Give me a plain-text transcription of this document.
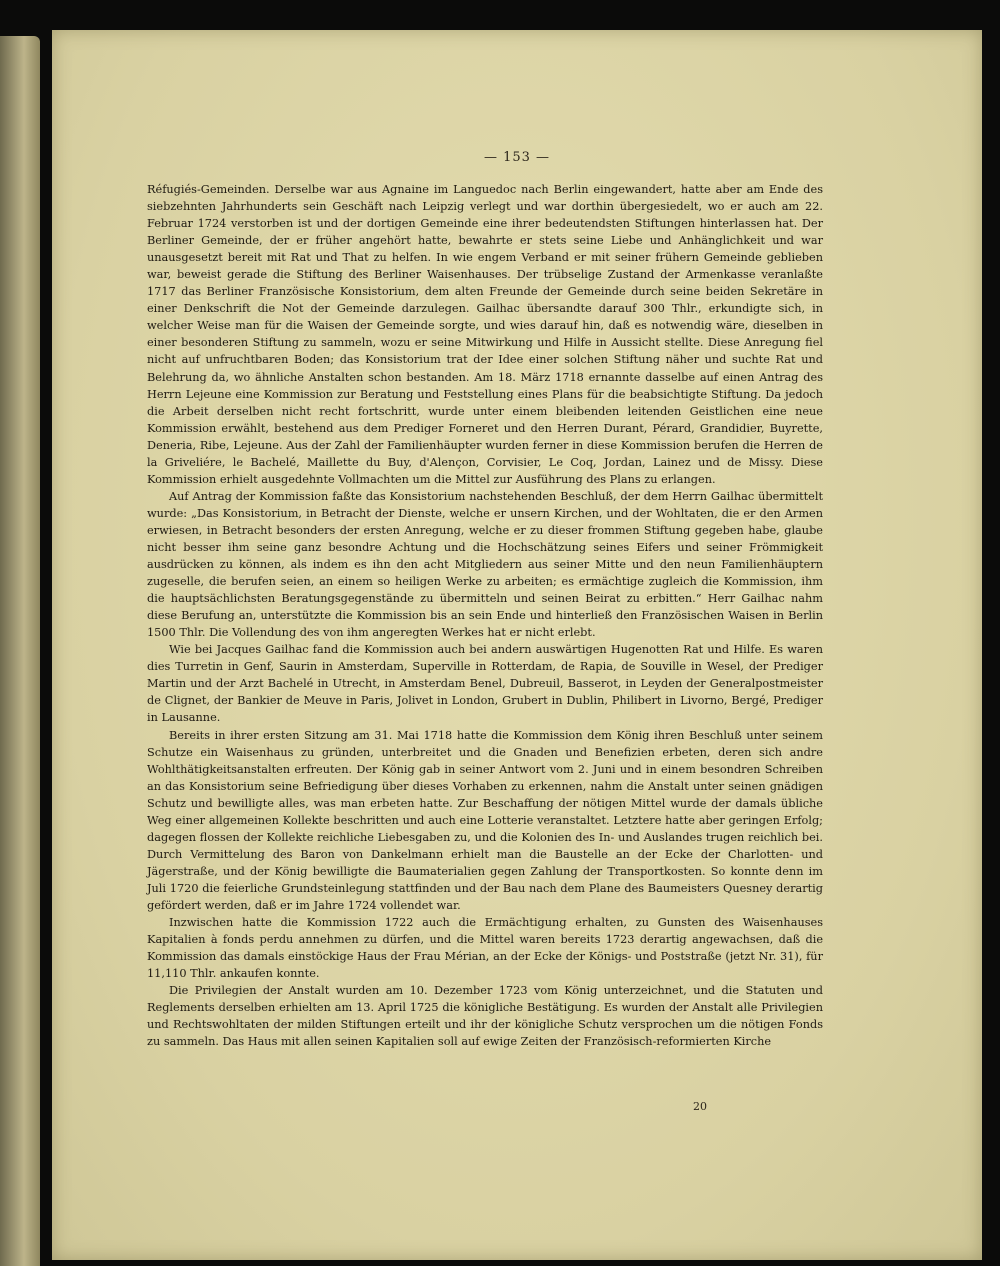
— 153 —

Réfugiés-Gemeinden. Derselbe war aus Agnaine im Languedoc nach Berlin eingewandert, hatte aber am Ende des siebzehnten Jahrhunderts sein Geschäft nach Leipzig verlegt und war dorthin übergesiedelt, wo er auch am 22. Februar 1724 verstorben ist und der dortigen Gemeinde eine ihrer bedeutendsten Stiftungen hinterlassen hat. Der Berliner Gemeinde, der er früher angehört hatte, bewahrte er stets seine Liebe und Anhänglichkeit und war unausgesetzt bereit mit Rat und That zu helfen. In wie engem Verband er mit seiner frühern Gemeinde geblieben war, beweist gerade die Stiftung des Berliner Waisenhauses. Der trübselige Zustand der Armenkasse veranlaßte 1717 das Berliner Französische Konsistorium, dem alten Freunde der Gemeinde durch seine beiden Sekretäre in einer Denkschrift die Not der Gemeinde darzulegen. Gailhac übersandte darauf 300 Thlr., erkundigte sich, in welcher Weise man für die Waisen der Gemeinde sorgte, und wies darauf hin, daß es notwendig wäre, dieselben in einer besonderen Stiftung zu sammeln, wozu er seine Mitwirkung und Hilfe in Aussicht stellte. Diese Anregung fiel nicht auf unfruchtbaren Boden; das Konsistorium trat der Idee einer solchen Stiftung näher und suchte Rat und Belehrung da, wo ähnliche Anstalten schon bestanden. Am 18. März 1718 ernannte dasselbe auf einen Antrag des Herrn Lejeune eine Kommission zur Beratung und Feststellung eines Plans für die beabsichtigte Stiftung. Da jedoch die Arbeit derselben nicht recht fortschritt, wurde unter einem bleibenden leitenden Geistlichen eine neue Kommission erwählt, bestehend aus dem Prediger Forneret und den Herren Durant, Pérard, Grandidier, Buyrette, Deneria, Ribe, Lejeune. Aus der Zahl der Familienhäupter wurden ferner in diese Kommission berufen die Herren de la Griveliére, le Bachelé, Maillette du Buy, d'Alençon, Corvisier, Le Coq, Jordan, Lainez und de Missy. Diese Kommission erhielt ausgedehnte Vollmachten um die Mittel zur Ausführung des Plans zu erlangen.

Auf Antrag der Kommission faßte das Konsistorium nachstehenden Beschluß, der dem Herrn Gailhac übermittelt wurde: „Das Konsistorium, in Betracht der Dienste, welche er unsern Kirchen, und der Wohltaten, die er den Armen erwiesen, in Betracht besonders der ersten Anregung, welche er zu dieser frommen Stiftung gegeben habe, glaube nicht besser ihm seine ganz besondre Achtung und die Hochschätzung seines Eifers und seiner Frömmigkeit ausdrücken zu können, als indem es ihn den acht Mitgliedern aus seiner Mitte und den neun Familienhäuptern zugeselle, die berufen seien, an einem so heiligen Werke zu arbeiten; es ermächtige zugleich die Kommission, ihm die hauptsächlichsten Beratungsgegenstände zu übermitteln und seinen Beirat zu erbitten.“ Herr Gailhac nahm diese Berufung an, unterstützte die Kommission bis an sein Ende und hinterließ den Französischen Waisen in Berlin 1500 Thlr. Die Vollendung des von ihm angeregten Werkes hat er nicht erlebt.

Wie bei Jacques Gailhac fand die Kommission auch bei andern auswärtigen Hugenotten Rat und Hilfe. Es waren dies Turretin in Genf, Saurin in Amsterdam, Superville in Rotterdam, de Rapia, de Souville in Wesel, der Prediger Martin und der Arzt Bachelé in Utrecht, in Amsterdam Benel, Dubreuil, Basserot, in Leyden der Generalpostmeister de Clignet, der Bankier de Meuve in Paris, Jolivet in London, Grubert in Dublin, Philibert in Livorno, Bergé, Prediger in Lausanne.

Bereits in ihrer ersten Sitzung am 31. Mai 1718 hatte die Kommission dem König ihren Beschluß unter seinem Schutze ein Waisenhaus zu gründen, unterbreitet und die Gnaden und Benefizien erbeten, deren sich andre Wohlthätigkeitsanstalten erfreuten. Der König gab in seiner Antwort vom 2. Juni und in einem besondren Schreiben an das Konsistorium seine Befriedigung über dieses Vorhaben zu erkennen, nahm die Anstalt unter seinen gnädigen Schutz und bewilligte alles, was man erbeten hatte. Zur Beschaffung der nötigen Mittel wurde der damals übliche Weg einer allgemeinen Kollekte beschritten und auch eine Lotterie veranstaltet. Letztere hatte aber geringen Erfolg; dagegen flossen der Kollekte reichliche Liebesgaben zu, und die Kolonien des In- und Auslandes trugen reichlich bei. Durch Vermittelung des Baron von Dankelmann erhielt man die Baustelle an der Ecke der Charlotten- und Jägerstraße, und der König bewilligte die Baumaterialien gegen Zahlung der Transportkosten. So konnte denn im Juli 1720 die feierliche Grundsteinlegung stattfinden und der Bau nach dem Plane des Baumeisters Quesney derartig gefördert werden, daß er im Jahre 1724 vollendet war.

Inzwischen hatte die Kommission 1722 auch die Ermächtigung erhalten, zu Gunsten des Waisenhauses Kapitalien à fonds perdu annehmen zu dürfen, und die Mittel waren bereits 1723 derartig angewachsen, daß die Kommission das damals einstöckige Haus der Frau Mérian, an der Ecke der Königs- und Poststraße (jetzt Nr. 31), für 11,110 Thlr. ankaufen konnte.

Die Privilegien der Anstalt wurden am 10. Dezember 1723 vom König unterzeichnet, und die Statuten und Reglements derselben erhielten am 13. April 1725 die königliche Bestätigung. Es wurden der Anstalt alle Privilegien und Rechtswohltaten der milden Stiftungen erteilt und ihr der königliche Schutz versprochen um die nötigen Fonds zu sammeln. Das Haus mit allen seinen Kapitalien soll auf ewige Zeiten der Französisch-reformierten Kirche

20
